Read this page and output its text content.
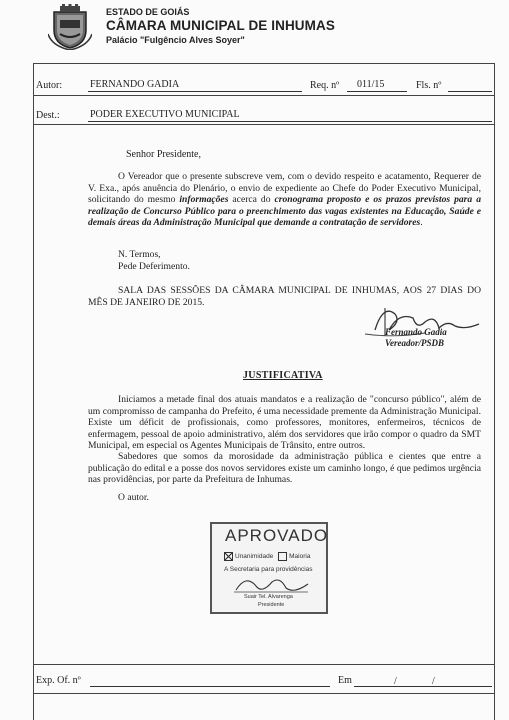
ESTADO DE GOIÁS
CÂMARA MUNICIPAL DE INHUMAS
Palácio "Fulgêncio Alves Soyer"
Autor:	FERNANDO GADIA	Req. nº 011/15	Fls. nº
Dest.:	PODER EXECUTIVO MUNICIPAL
Senhor Presidente,
O Vereador que o presente subscreve vem, com o devido respeito e acatamento, Requerer de V. Exa., após anuência do Plenário, o envio de expediente ao Chefe do Poder Executivo Municipal, solicitando do mesmo informações acerca do cronograma proposto e os prazos previstos para a realização de Concurso Público para o preenchimento das vagas existentes na Educação, Saúde e demais áreas da Administração Municipal que demande a contratação de servidores.
N. Termos,
Pede Deferimento.
SALA DAS SESSÕES DA CÂMARA MUNICIPAL DE INHUMAS, AOS 27 DIAS DO MÊS DE JANEIRO DE 2015.
Fernando Gadia
Vereador/PSDB
JUSTIFICATIVA
Iniciamos a metade final dos atuais mandatos e a realização de "concurso público", além de um compromisso de campanha do Prefeito, é uma necessidade premente da Administração Municipal. Existe um déficit de profissionais, como professores, monitores, enfermeiros, técnicos de enfermagem, pessoal de apoio administrativo, além dos servidores que irão compor o quadro da SMT Municipal, em especial os Agentes Municipais de Trânsito, entre outros.
Sabedores que somos da morosidade da administração pública e cientes que entre a publicação do edital e a posse dos novos servidores existe um caminho longo, é que pedimos urgência nas providências, por parte da Prefeitura de Inhumas.
O autor.
APROVADO
Unanimidade Maioria
A Secretaria para providências
Suair Tel. Alvarenga
Presidente
Exp. Of. nº	Em	/	/
